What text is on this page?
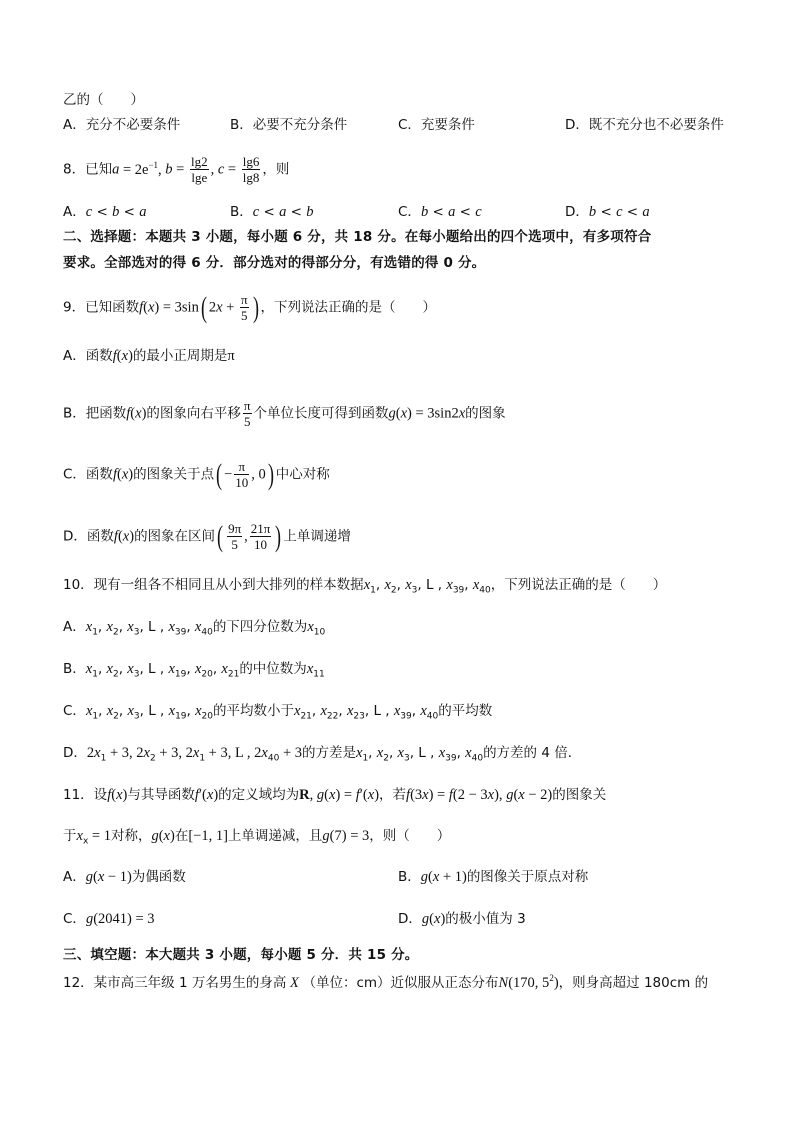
乙的（　　）
A．充分不必要条件	B．必要不充分条件	C．充要条件	D．既不充分也不必要条件
8．已知$a = 2e^{-1}$, $b = \frac{\lg 2}{\lg e}$ , $c = \frac{\lg 6}{\lg 8}$ ，则
A．c < b < a	B．c < a < b	C．b < a < c	D．b < c < a
二、选择题：本题共 3 小题，每小题 6 分，共 18 分。在每小题给出的四个选项中，有多项符合
要求。全部选对的得 6 分．部分选对的得部分分，有选错的得 0 分。
9．已知函数f(x) = 3sin( $2x + \frac{\pi}{5}$ ) ，下列说法正确的是（　　）
A．函数f(x)的最小正周期是π
B．把函数f(x)的图象向右平移 $\frac{\pi}{5}$ 个单位长度可得到函数g(x) = 3sin2x的图象
C．函数f(x)的图象关于点( − $\frac{\pi}{10}$ , 0) 中心对称
D．函数f(x)的图象在区间( $\frac{9\pi}{5}$ , $\frac{21\pi}{10}$ ) 上单调递增
10．现有一组各不相同且从小到大排列的样本数据$x_1$, $x_2$, $x_3$, L , $x_{39}$, $x_{40}$，下列说法正确的是（　　）
A．$x_1$, $x_2$, $x_3$, L , $x_{39}$, $x_{40}$的下四分位数为$x_{10}$
B．$x_1$, $x_2$, $x_3$, L , $x_{19}$, $x_{20}$, $x_{21}$的中位数为$x_{11}$
C．$x_1$, $x_2$, $x_3$, L , $x_{19}$, $x_{20}$的平均数小于$x_{21}$, $x_{22}$, $x_{23}$, L , $x_{39}$, $x_{40}$的平均数
D．$2x_1 + 3$, $2x_2 + 3$, $2x_1 + 3$, L , $2x_{40} + 3$的方差是$x_1$, $x_2$, $x_3$, L , $x_{39}$, $x_{40}$的方差的 4 倍．
11．设f(x)与其导函数f′(x)的定义域均为R, g(x) = f′(x)，若f(3x) = f(2 − 3x), g(x − 2)的图象关
于$x_x = 1$对称，g(x)在[−1, 1]上单调递减，且g(7) = 3，则（　　）
A．g(x − 1)为偶函数	B．g(x + 1)的图像关于原点对称
C．g(2041) = 3	D．g(x)的极小值为 3
三、填空题：本大题共 3 小题，每小题 5 分．共 15 分。
12．某市高三年级 1 万名男生的身高 X （单位：cm）近似服从正态分布N(170, $5^2$)，则身高超过 180cm 的
